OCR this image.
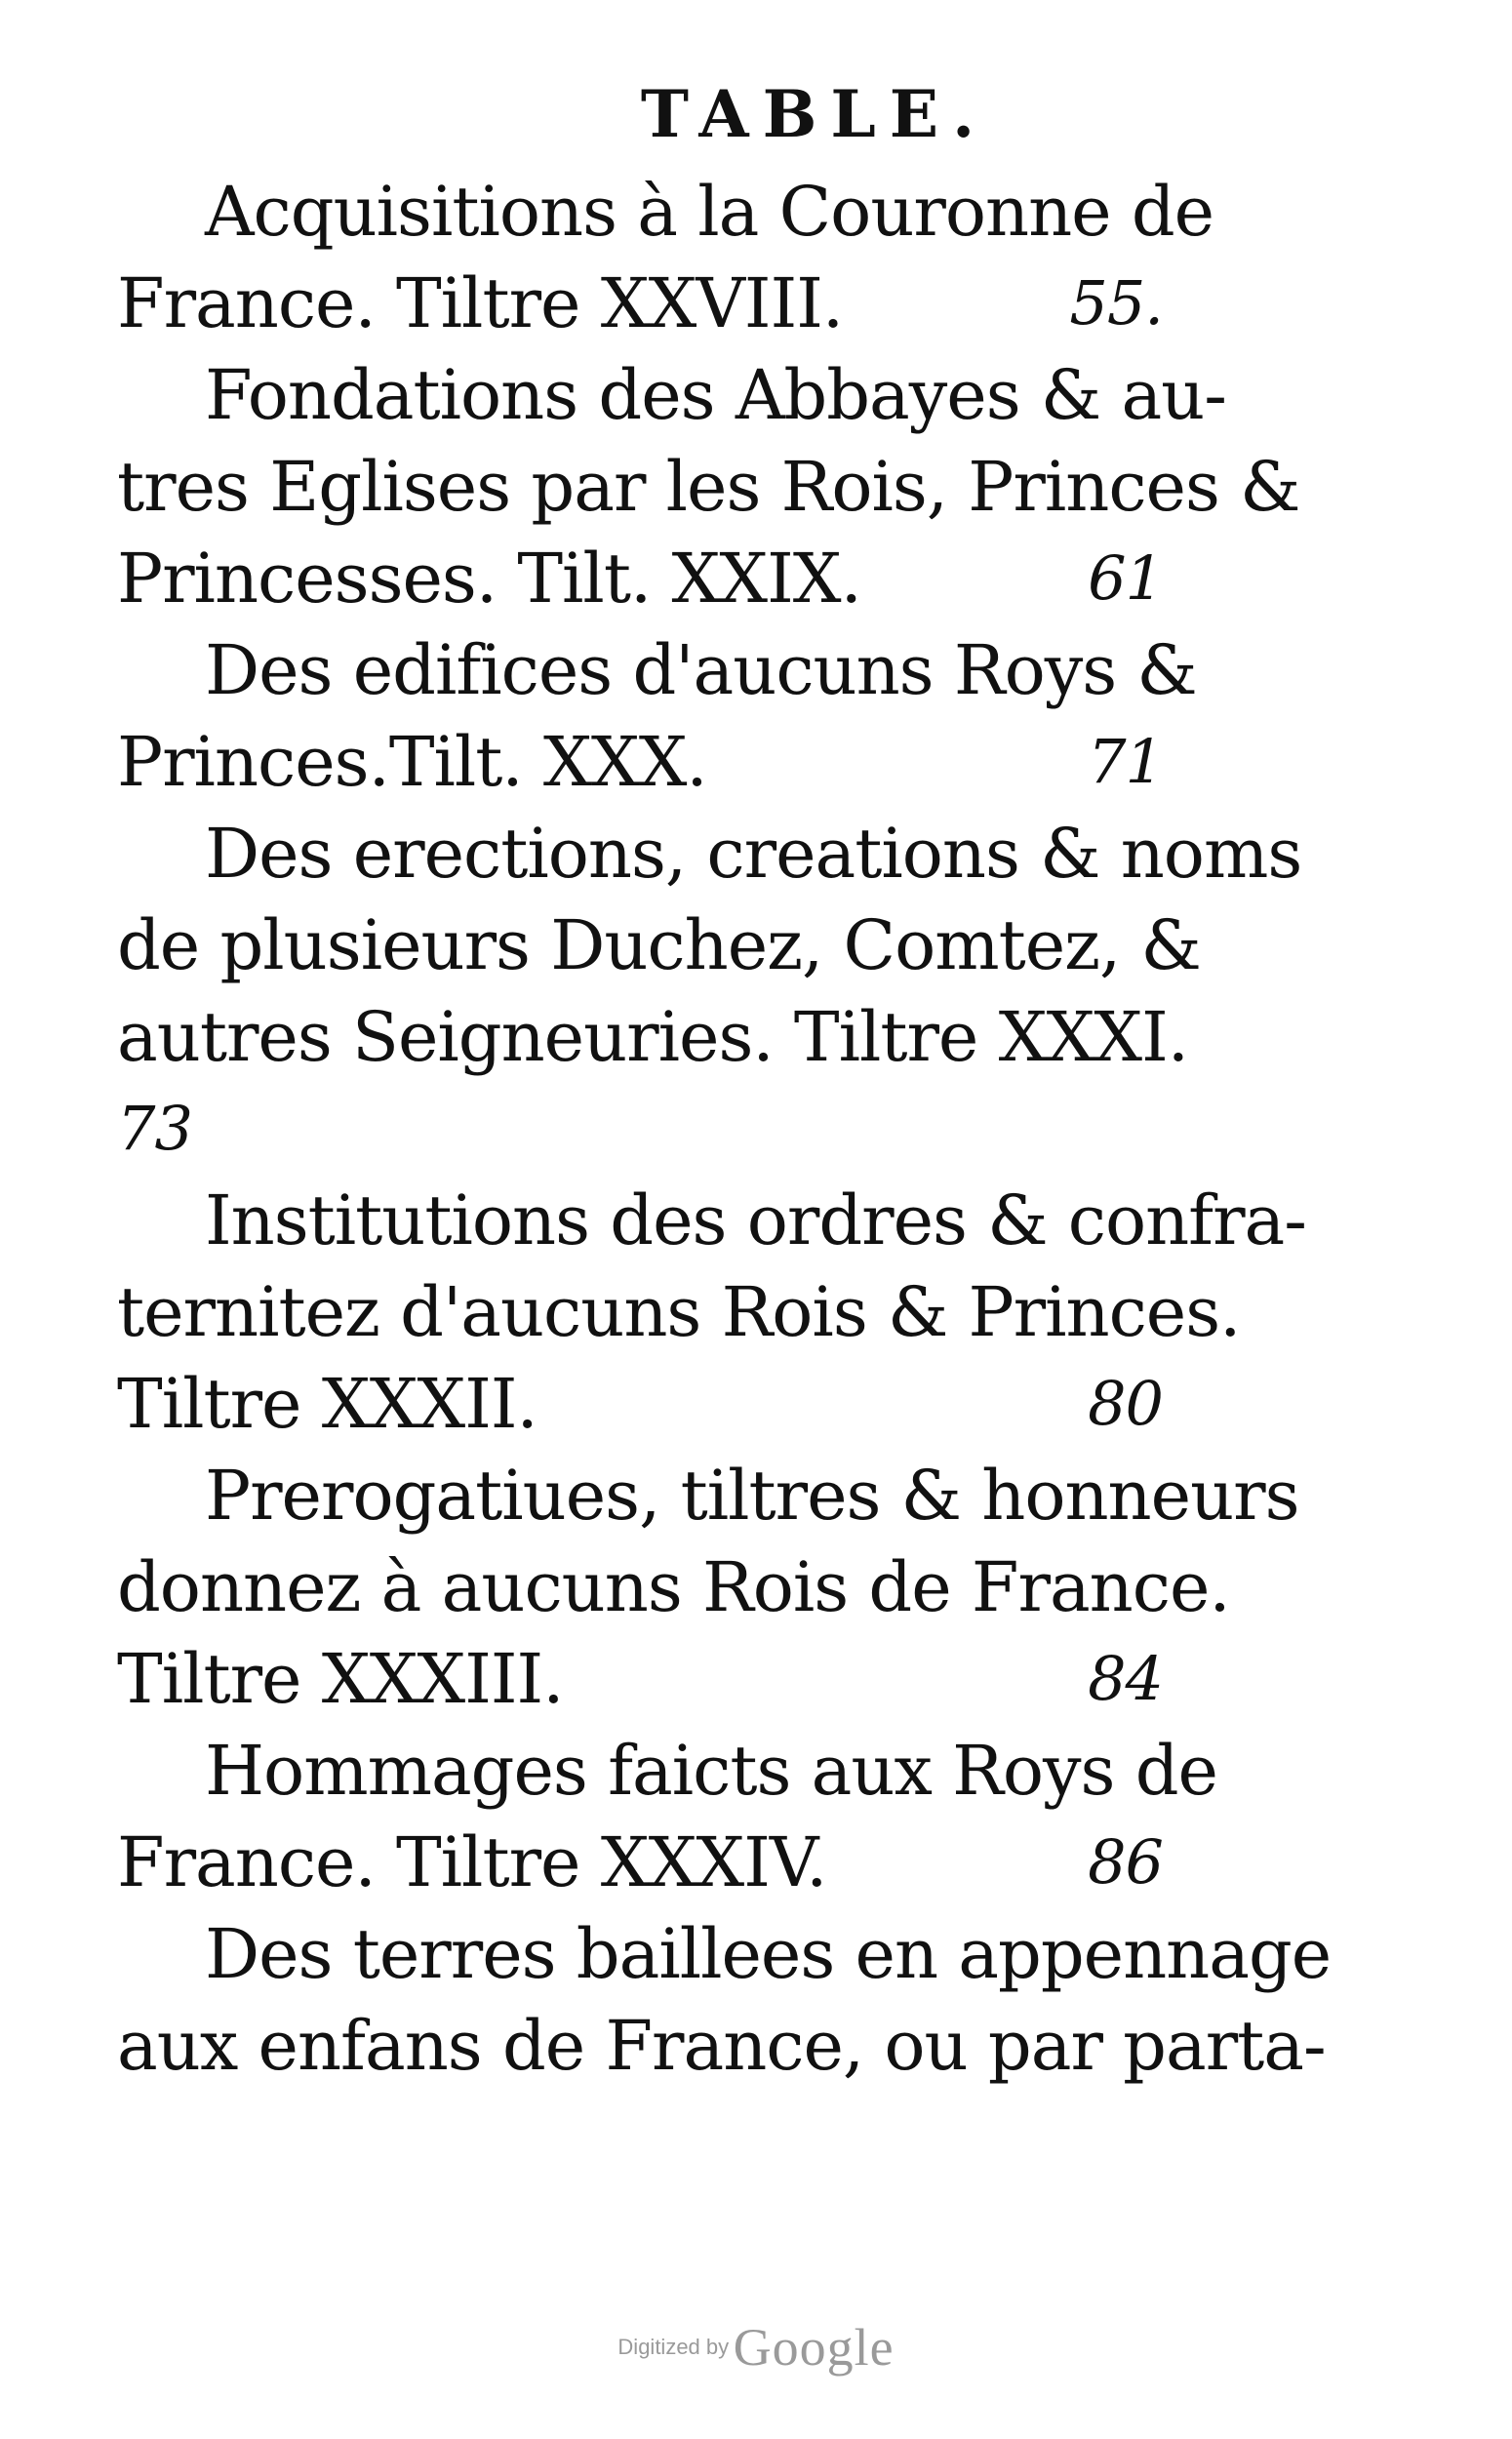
TABLE.
Acquisitions à la Couronne de
France. Tiltre XXVIII.	55.
Fondations des Abbayes & au-
tres Eglises par les Rois, Princes &
Princesses. Tilt. XXIX.	61
Des edifices d'aucuns Roys &
Princes.Tilt. XXX.	71
Des erections, creations & noms
de plusieurs Duchez, Comtez, &
autres Seigneuries. Tiltre XXXI.
73
Institutions des ordres & confra-
ternitez d'aucuns Rois & Princes.
Tiltre XXXII.	80
Prerogatiues, tiltres & honneurs
donnez à aucuns Rois de France.
Tiltre XXXIII.	84
Hommages faicts aux Roys de
France. Tiltre XXXIV.	86
Des terres baillees en appennage
aux enfans de France, ou par parta-
Digitized by Google
